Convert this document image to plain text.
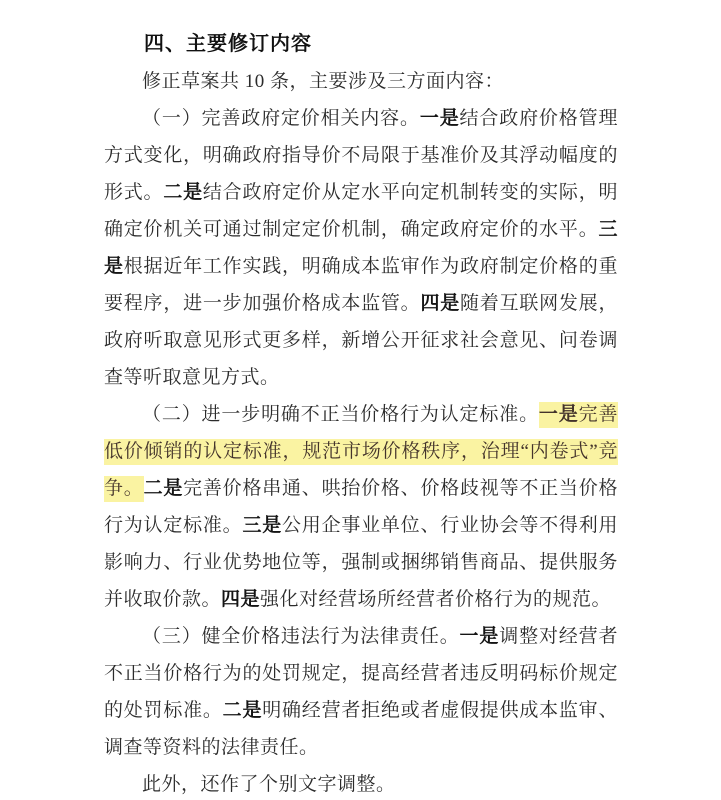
四、主要修订内容

修正草案共 10 条，主要涉及三方面内容：

（一）完善政府定价相关内容。一是结合政府价格管理方式变化，明确政府指导价不局限于基准价及其浮动幅度的形式。二是结合政府定价从定水平向定机制转变的实际，明确定价机关可通过制定定价机制，确定政府定价的水平。三是根据近年工作实践，明确成本监审作为政府制定价格的重要程序，进一步加强价格成本监管。四是随着互联网发展，政府听取意见形式更多样，新增公开征求社会意见、问卷调查等听取意见方式。

（二）进一步明确不正当价格行为认定标准。一是完善低价倾销的认定标准，规范市场价格秩序，治理“内卷式”竞争。二是完善价格串通、哄抬价格、价格歧视等不正当价格行为认定标准。三是公用企事业单位、行业协会等不得利用影响力、行业优势地位等，强制或捆绑销售商品、提供服务并收取价款。四是强化对经营场所经营者价格行为的规范。

（三）健全价格违法行为法律责任。一是调整对经营者不正当价格行为的处罚规定，提高经营者违反明码标价规定的处罚标准。二是明确经营者拒绝或者虚假提供成本监审、调查等资料的法律责任。

此外，还作了个别文字调整。
